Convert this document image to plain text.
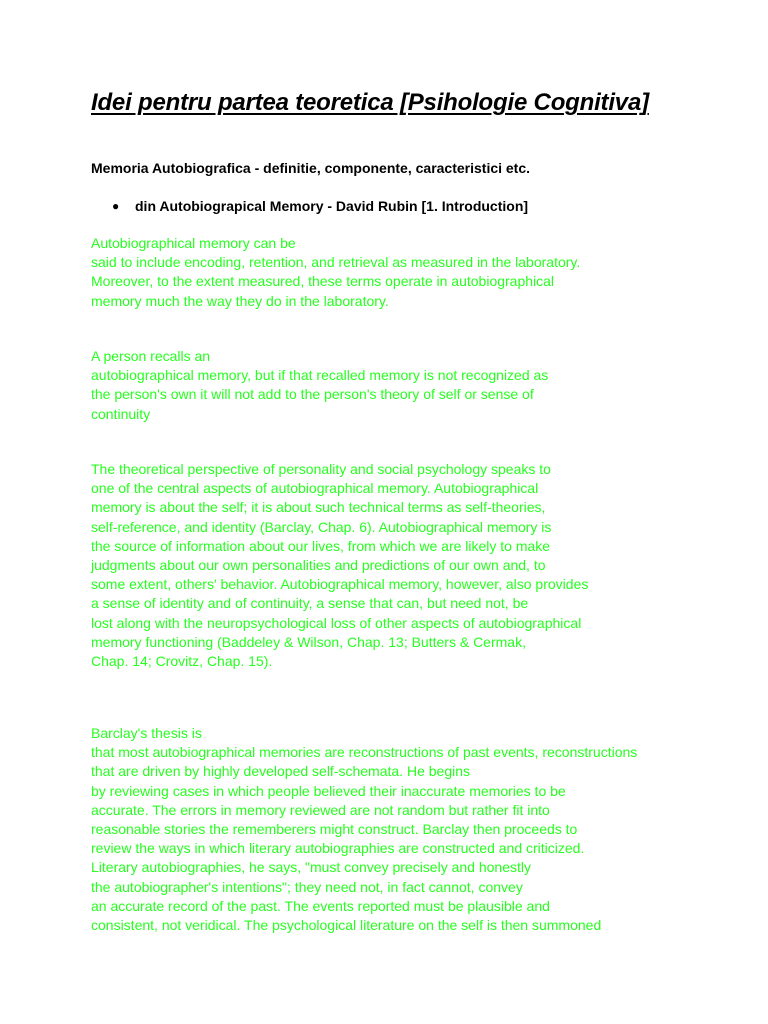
Idei pentru partea teoretica [Psihologie Cognitiva]

Memoria Autobiografica - definitie, componente, caracteristici etc.

● din Autobiograpical Memory - David Rubin [1. Introduction]
Autobiographical memory can be
said to include encoding, retention, and retrieval as measured in the laboratory.
Moreover, to the extent measured, these terms operate in autobiographical
memory much the way they do in the laboratory.
A person recalls an
autobiographical memory, but if that recalled memory is not recognized as
the person's own it will not add to the person's theory of self or sense of
continuity
The theoretical perspective of personality and social psychology speaks to
one of the central aspects of autobiographical memory. Autobiographical
memory is about the self; it is about such technical terms as self-theories,
self-reference, and identity (Barclay, Chap. 6). Autobiographical memory is
the source of information about our lives, from which we are likely to make
judgments about our own personalities and predictions of our own and, to
some extent, others' behavior. Autobiographical memory, however, also provides
a sense of identity and of continuity, a sense that can, but need not, be
lost along with the neuropsychological loss of other aspects of autobiographical
memory functioning (Baddeley & Wilson, Chap. 13; Butters & Cermak,
Chap. 14; Crovitz, Chap. 15).
Barclay's thesis is
that most autobiographical memories are reconstructions of past events, reconstructions
that are driven by highly developed self-schemata. He begins
by reviewing cases in which people believed their inaccurate memories to be
accurate. The errors in memory reviewed are not random but rather fit into
reasonable stories the rememberers might construct. Barclay then proceeds to
review the ways in which literary autobiographies are constructed and criticized.
Literary autobiographies, he says, "must convey precisely and honestly
the autobiographer's intentions"; they need not, in fact cannot, convey
an accurate record of the past. The events reported must be plausible and
consistent, not veridical. The psychological literature on the self is then summoned
